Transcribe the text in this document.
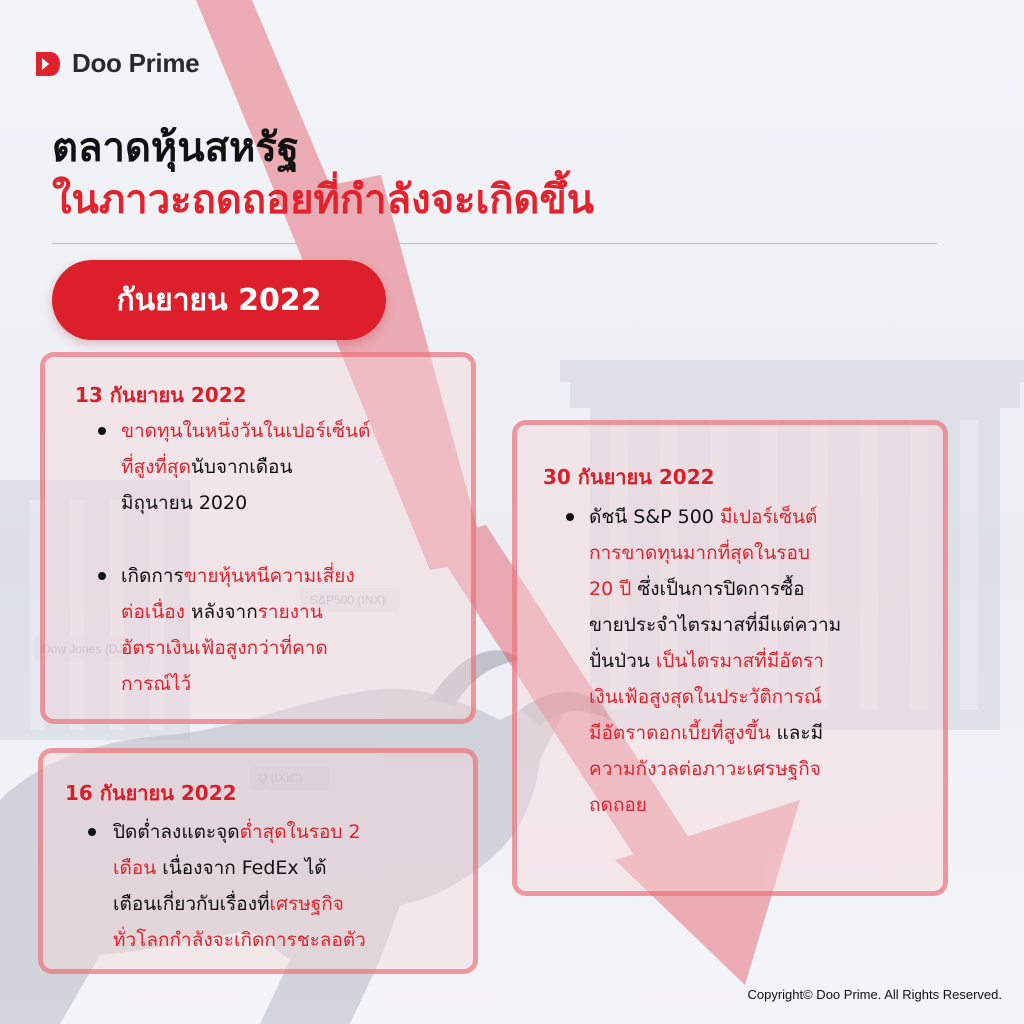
Dow Jones (DJI)
S&P500 (INX)
Doo Prime
ตลาดหุ้นสหรัฐ
ในภาวะถดถอยที่กำลังจะเกิดขึ้น
กันยายน 2022
13 กันยายน 2022
ขาดทุนในหนึ่งวันในเปอร์เซ็นต์
ที่สูงที่สุดนับจากเดือน
มิถุนายน 2020
เกิดการขายหุ้นหนีความเสี่ยง
ต่อเนื่อง หลังจากรายงาน
อัตราเงินเฟ้อสูงกว่าที่คาด
การณ์ไว้
16 กันยายน 2022
ปิดต่ำลงแตะจุดต่ำสุดในรอบ 2
เดือน เนื่องจาก FedEx ได้
เตือนเกี่ยวกับเรื่องที่เศรษฐกิจ
ทั่วโลกกำลังจะเกิดการชะลอตัว
30 กันยายน 2022
ดัชนี S&P 500 มีเปอร์เซ็นต์
การขาดทุนมากที่สุดในรอบ
20 ปี ซึ่งเป็นการปิดการซื้อ
ขายประจำไตรมาสที่มีแต่ความ
ปั่นป่วน เป็นไตรมาสที่มีอัตรา
เงินเฟ้อสูงสุดในประวัติการณ์
มีอัตราดอกเบี้ยที่สูงขึ้น และมี
ความกังวลต่อภาวะเศรษฐกิจ
ถดถอย
Copyright© Doo Prime. All Rights Reserved.
